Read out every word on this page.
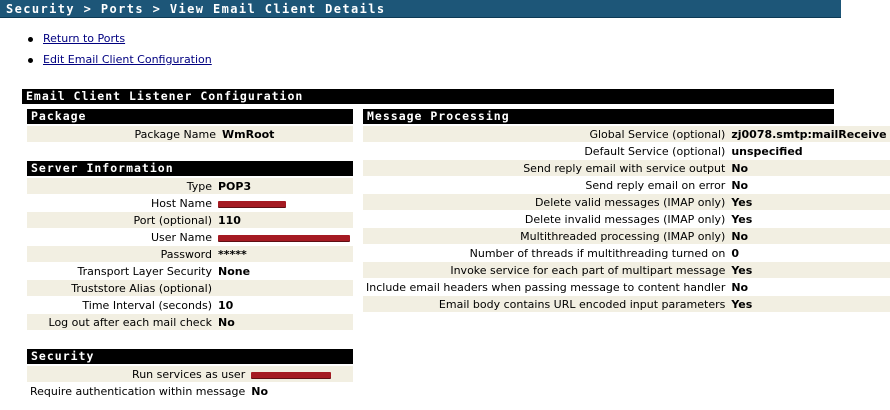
Security > Ports > View Email Client Details
Return to Ports
Edit Email Client Configuration
Email Client Listener Configuration
Package
Package Name	WmRoot
Server Information
Type	POP3
Host Name	
Port (optional)	110
User Name	
Password	*****
Transport Layer Security	None
Truststore Alias (optional)	
Time Interval (seconds)	10
Log out after each mail check	No
Security
Run services as user	
Require authentication within message	No
Message Processing
Global Service (optional)	zj0078.smtp:mailReceive
Default Service (optional)	unspecified
Send reply email with service output	No
Send reply email on error	No
Delete valid messages (IMAP only)	Yes
Delete invalid messages (IMAP only)	Yes
Multithreaded processing (IMAP only)	No
Number of threads if multithreading turned on	0
Invoke service for each part of multipart message	Yes
Include email headers when passing message to content handler	No
Email body contains URL encoded input parameters	Yes
